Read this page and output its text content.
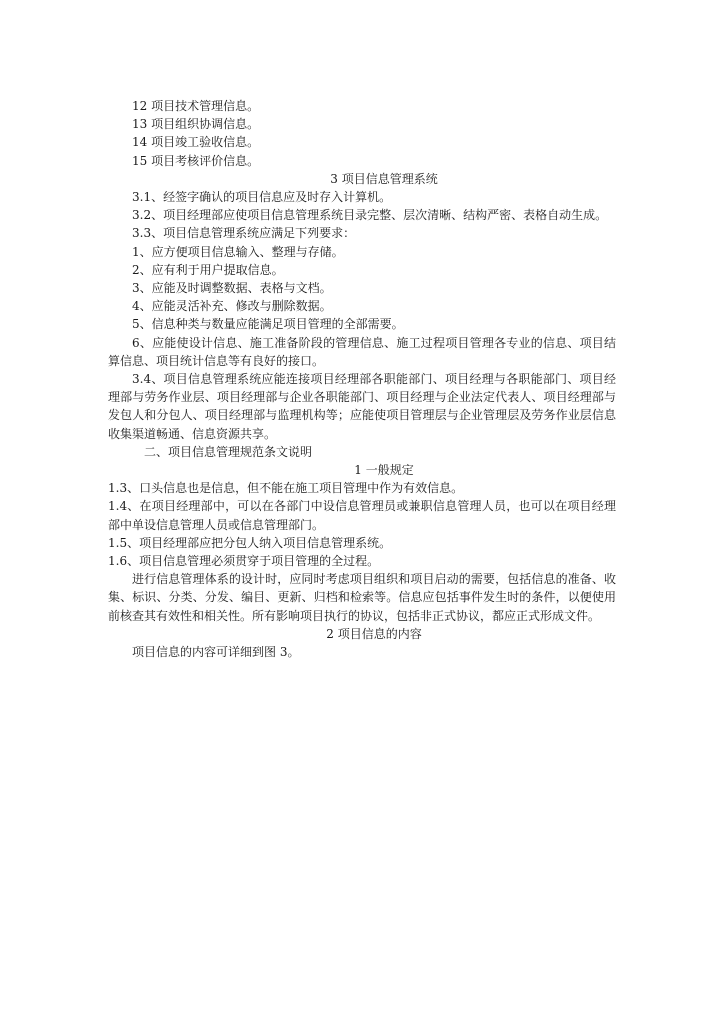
12 项目技术管理信息。

13 项目组织协调信息。

14 项目竣工验收信息。

15 项目考核评价信息。

3 项目信息管理系统

3.1、经签字确认的项目信息应及时存入计算机。

3.2、项目经理部应使项目信息管理系统目录完整、层次清晰、结构严密、表格自动生成。

3.3、项目信息管理系统应满足下列要求：

1、应方便项目信息输入、整理与存储。

2、应有利于用户提取信息。

3、应能及时调整数据、表格与文档。

4、应能灵活补充、修改与删除数据。

5、信息种类与数量应能满足项目管理的全部需要。

6、应能使设计信息、施工准备阶段的管理信息、施工过程项目管理各专业的信息、项目结算信息、项目统计信息等有良好的接口。

3.4、项目信息管理系统应能连接项目经理部各职能部门、项目经理与各职能部门、项目经理部与劳务作业层、项目经理部与企业各职能部门、项目经理与企业法定代表人、项目经理部与发包人和分包人、项目经理部与监理机构等；应能使项目管理层与企业管理层及劳务作业层信息收集渠道畅通、信息资源共享。

二、项目信息管理规范条文说明

1 一般规定

1.3、口头信息也是信息，但不能在施工项目管理中作为有效信息。

1.4、在项目经理部中，可以在各部门中设信息管理员或兼职信息管理人员，也可以在项目经理部中单设信息管理人员或信息管理部门。

1.5、项目经理部应把分包人纳入项目信息管理系统。

1.6、项目信息管理必须贯穿于项目管理的全过程。

进行信息管理体系的设计时，应同时考虑项目组织和项目启动的需要，包括信息的准备、收集、标识、分类、分发、编目、更新、归档和检索等。信息应包括事件发生时的条件，以便使用前核查其有效性和相关性。所有影响项目执行的协议，包括非正式协议，都应正式形成文件。

2 项目信息的内容

项目信息的内容可详细到图 3。
